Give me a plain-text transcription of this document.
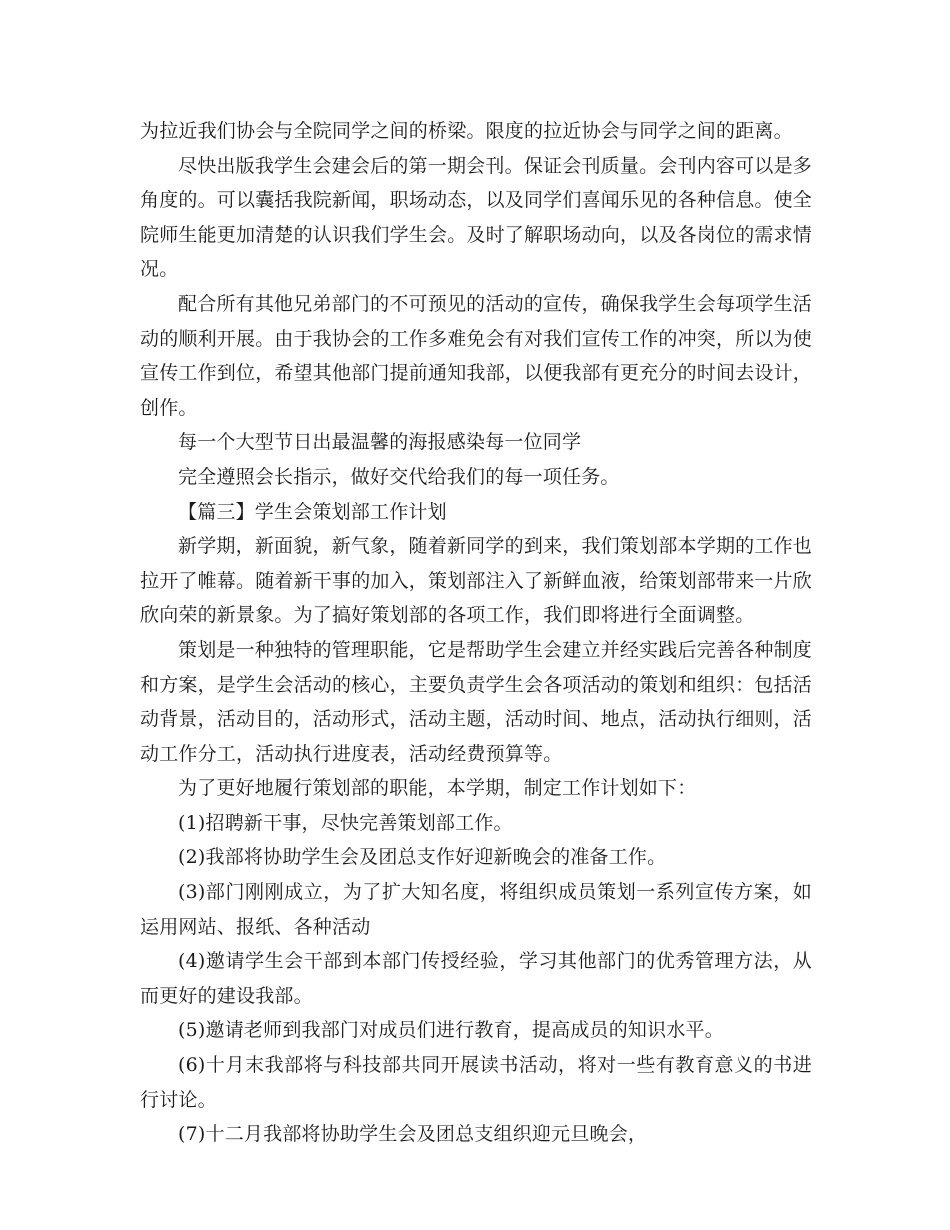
为拉近我们协会与全院同学之间的桥梁。限度的拉近协会与同学之间的距离。

尽快出版我学生会建会后的第一期会刊。保证会刊质量。会刊内容可以是多角度的。可以囊括我院新闻，职场动态，以及同学们喜闻乐见的各种信息。使全院师生能更加清楚的认识我们学生会。及时了解职场动向，以及各岗位的需求情况。

配合所有其他兄弟部门的不可预见的活动的宣传，确保我学生会每项学生活动的顺利开展。由于我协会的工作多难免会有对我们宣传工作的冲突，所以为使宣传工作到位，希望其他部门提前通知我部，以便我部有更充分的时间去设计，创作。

每一个大型节日出最温馨的海报感染每一位同学

完全遵照会长指示，做好交代给我们的每一项任务。

【篇三】学生会策划部工作计划

新学期，新面貌，新气象，随着新同学的到来，我们策划部本学期的工作也拉开了帷幕。随着新干事的加入，策划部注入了新鲜血液，给策划部带来一片欣欣向荣的新景象。为了搞好策划部的各项工作，我们即将进行全面调整。

策划是一种独特的管理职能，它是帮助学生会建立并经实践后完善各种制度和方案，是学生会活动的核心，主要负责学生会各项活动的策划和组织：包括活动背景，活动目的，活动形式，活动主题，活动时间、地点，活动执行细则，活动工作分工，活动执行进度表，活动经费预算等。

为了更好地履行策划部的职能，本学期，制定工作计划如下：

(1)招聘新干事，尽快完善策划部工作。

(2)我部将协助学生会及团总支作好迎新晚会的准备工作。

(3)部门刚刚成立，为了扩大知名度，将组织成员策划一系列宣传方案，如运用网站、报纸、各种活动

(4)邀请学生会干部到本部门传授经验，学习其他部门的优秀管理方法，从而更好的建设我部。

(5)邀请老师到我部门对成员们进行教育，提高成员的知识水平。

(6)十月末我部将与科技部共同开展读书活动，将对一些有教育意义的书进行讨论。

(7)十二月我部将协助学生会及团总支组织迎元旦晚会，
